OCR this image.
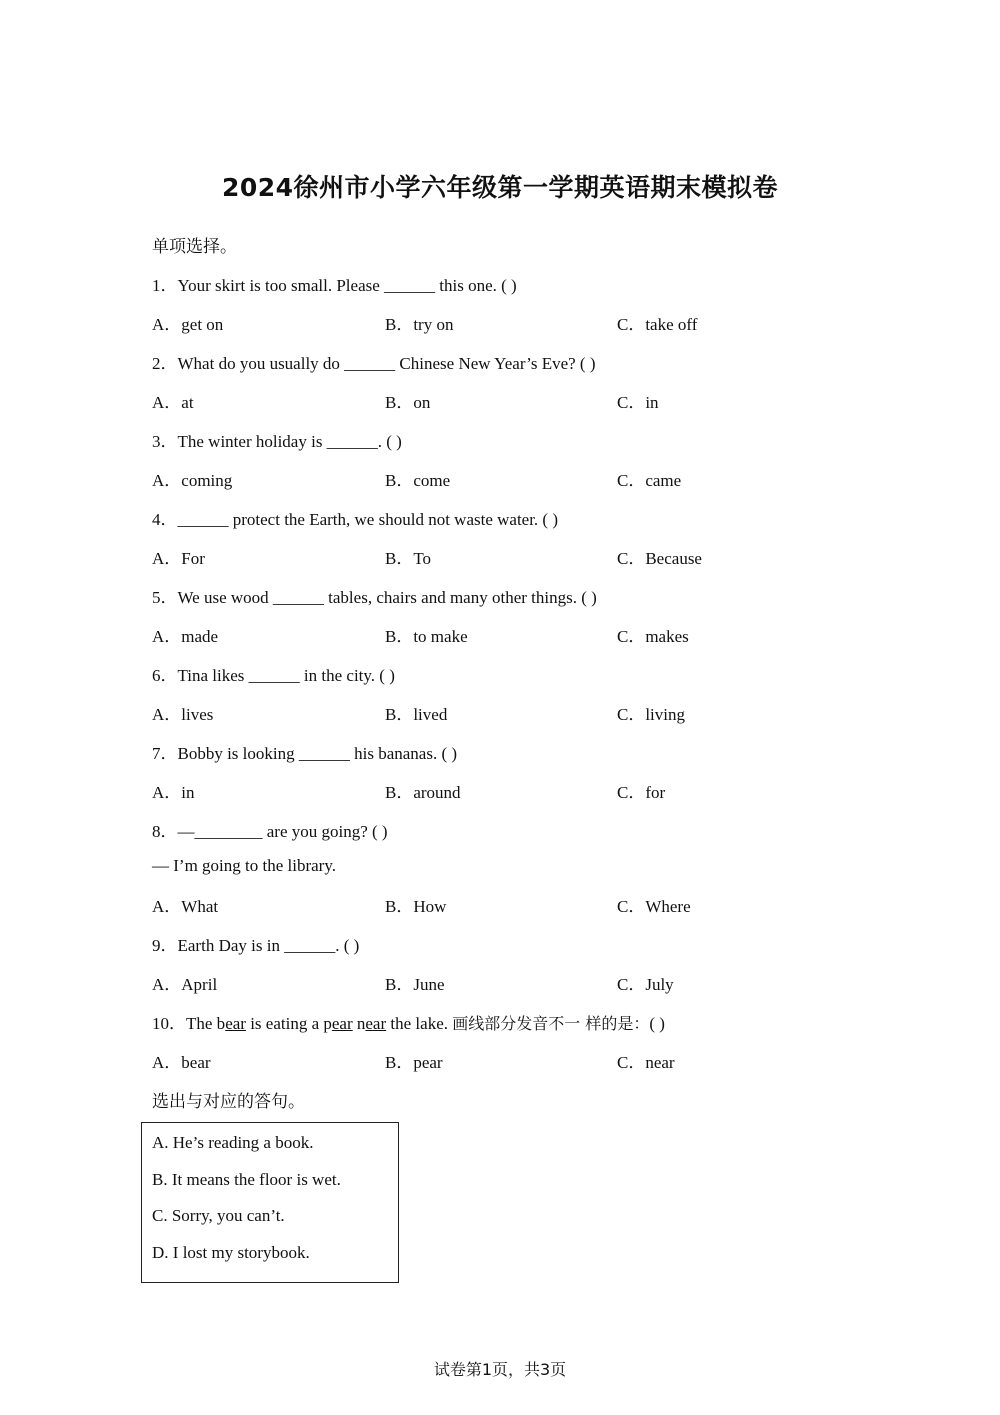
2024徐州市小学六年级第一学期英语期末模拟卷
单项选择。
1．Your skirt is too small. Please ______ this one. ( )
A．get on	B．try on	C．take off
2．What do you usually do ______ Chinese New Year’s Eve? ( )
A．at	B．on	C．in
3．The winter holiday is ______. ( )
A．coming	B．come	C．came
4．______ protect the Earth, we should not waste water. ( )
A．For	B．To	C．Because
5．We use wood ______ tables, chairs and many other things. ( )
A．made	B．to make	C．makes
6．Tina likes ______ in the city. ( )
A．lives	B．lived	C．living
7．Bobby is looking ______ his bananas. ( )
A．in	B．around	C．for
8．—________ are you going? ( )
— I’m going to the library.
A．What	B．How	C．Where
9．Earth Day is in ______. ( )
A．April	B．June	C．July
10．The bear is eating a pear near the lake. 画线部分发音不一 样的是：( )
A．bear	B．pear	C．near
选出与对应的答句。
A. He’s reading a book.
B. It means the floor is wet.
C. Sorry, you can’t.
D. I lost my storybook.
试卷第1页，共3页
